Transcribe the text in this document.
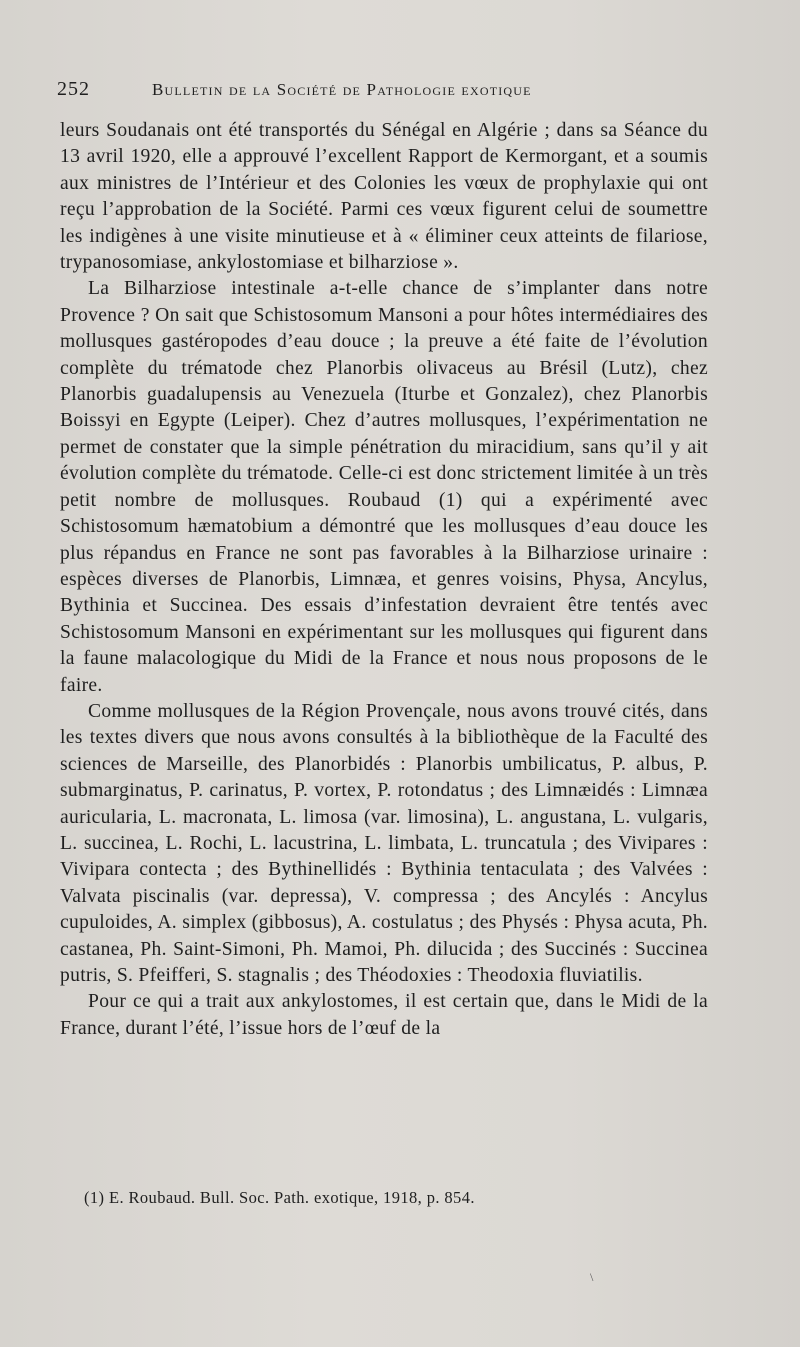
252	Bulletin de la Société de Pathologie exotique

leurs Soudanais ont été transportés du Sénégal en Algérie ; dans sa Séance du 13 avril 1920, elle a approuvé l’excellent Rapport de Kermorgant, et a soumis aux ministres de l’Intérieur et des Colonies les vœux de prophylaxie qui ont reçu l’approbation de la Société. Parmi ces vœux figurent celui de soumettre les indigènes à une visite minutieuse et à « éliminer ceux atteints de filariose, trypanosomiase, ankylostomiase et bilharziose ».

La Bilharziose intestinale a-t-elle chance de s’implanter dans notre Provence ? On sait que Schistosomum Mansoni a pour hôtes intermédiaires des mollusques gastéropodes d’eau douce ; la preuve a été faite de l’évolution complète du trématode chez Planorbis olivaceus au Brésil (Lutz), chez Planorbis guadalupensis au Venezuela (Iturbe et Gonzalez), chez Planorbis Boissyi en Egypte (Leiper). Chez d’autres mollusques, l’expérimentation ne permet de constater que la simple pénétration du miracidium, sans qu’il y ait évolution complète du trématode. Celle-ci est donc strictement limitée à un très petit nombre de mollusques. Roubaud (1) qui a expérimenté avec Schistosomum hæmatobium a démontré que les mollusques d’eau douce les plus répandus en France ne sont pas favorables à la Bilharziose urinaire : espèces diverses de Planorbis, Limnæa, et genres voisins, Physa, Ancylus, Bythinia et Succinea. Des essais d’infestation devraient être tentés avec Schistosomum Mansoni en expérimentant sur les mollusques qui figurent dans la faune malacologique du Midi de la France et nous nous proposons de le faire.

Comme mollusques de la Région Provençale, nous avons trouvé cités, dans les textes divers que nous avons consultés à la bibliothèque de la Faculté des sciences de Marseille, des Planorbidés : Planorbis umbilicatus, P. albus, P. submarginatus, P. carinatus, P. vortex, P. rotondatus ; des Limnæidés : Limnæa auricularia, L. macronata, L. limosa (var. limosina), L. angustana, L. vulgaris, L. succinea, L. Rochi, L. lacustrina, L. limbata, L. truncatula ; des Vivipares : Vivipara contecta ; des Bythinellidés : Bythinia tentaculata ; des Valvées : Valvata piscinalis (var. depressa), V. compressa ; des Ancylés : Ancylus cupuloides, A. simplex (gibbosus), A. costulatus ; des Physés : Physa acuta, Ph. castanea, Ph. Saint-Simoni, Ph. Mamoi, Ph. dilucida ; des Succinés : Succinea putris, S. Pfeifferi, S. stagnalis ; des Théodoxies : Theodoxia fluviatilis.

Pour ce qui a trait aux ankylostomes, il est certain que, dans le Midi de la France, durant l’été, l’issue hors de l’œuf de la

(1) E. Roubaud. Bull. Soc. Path. exotique, 1918, p. 854.
\
